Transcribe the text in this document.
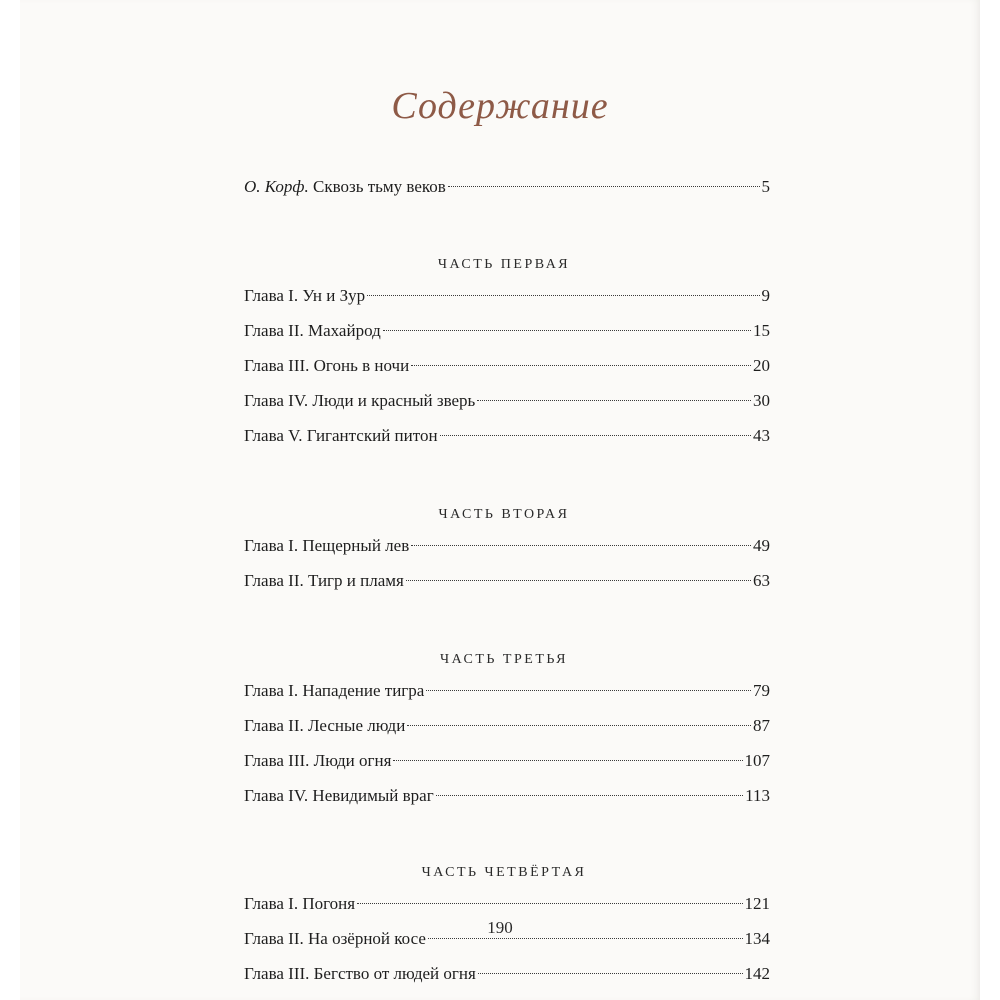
Содержание
О. Корф. Сквозь тьму веков	5
ЧАСТЬ ПЕРВАЯ
Глава I. Ун и Зур	9
Глава II. Махайрод	15
Глава III. Огонь в ночи	20
Глава IV. Люди и красный зверь	30
Глава V. Гигантский питон	43
ЧАСТЬ ВТОРАЯ
Глава I. Пещерный лев	49
Глава II. Тигр и пламя	63
ЧАСТЬ ТРЕТЬЯ
Глава I. Нападение тигра	79
Глава II. Лесные люди	87
Глава III. Люди огня	107
Глава IV. Невидимый враг	113
ЧАСТЬ ЧЕТВЁРТАЯ
Глава I. Погоня	121
Глава II. На озёрной косе	134
Глава III. Бегство от людей огня	142
190
